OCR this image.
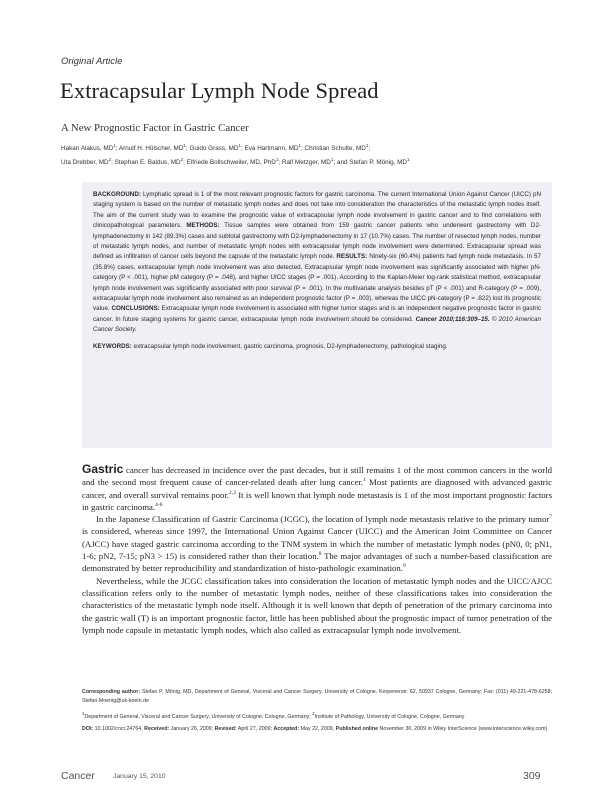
Original Article
Extracapsular Lymph Node Spread
A New Prognostic Factor in Gastric Cancer
Hakan Alakus, $MD^1$; Arnulf H. Hölscher, $MD^1$; Guido Grass, $MD^1$; Eva Hartmann, $MD^1$; Christian Schulte, $MD^1$;
Uta Drebber, $MD^2$; Stephan E. Baldus, $MD^2$; Elfriede Bollschweiler, MD, PhD$^1$; Ralf Metzger, $MD^1$; and Stefan P. Mönig, $MD^1$
BACKGROUND: Lymphatic spread is 1 of the most relevant prognostic factors for gastric carcinoma. The current International Union Against Cancer (UICC) pN staging system is based on the number of metastatic lymph nodes and does not take into consideration the characteristics of the metastatic lymph nodes itself. The aim of the current study was to examine the prognostic value of extracapsular lymph node involvement in gastric cancer and to find correlations with clinicopathological parameters. METHODS: Tissue samples were obtained from 159 gastric cancer patients who underwent gastrectomy with D2-lymphadenectomy in 142 (89.3%) cases and subtotal gastrectomy with D2-lymphadenectomy in 17 (10.7%) cases. The number of resected lymph nodes, number of metastatic lymph nodes, and number of metastatic lymph nodes with extracapsular lymph node involvement were determined. Extracapsular spread was defined as infiltration of cancer cells beyond the capsule of the metastatic lymph node. RESULTS: Ninety-six (60.4%) patients had lymph node metastasis. In 57 (35.8%) cases, extracapsular lymph node involvement was also detected. Extracapsular lymph node involvement was significantly associated with higher pN-category (P < .001), higher pM category (P = .048), and higher UICC stages (P = .001). According to the Kaplan-Meier log-rank statistical method, extracapsular lymph node involvement was significantly associated with poor survival (P = .001). In the multivariate analysis besides pT (P < .001) and R-category (P = .009), extracapsular lymph node involvement also remained as an independent prognostic factor (P = .003), whereas the UICC pN-category (P = .822) lost its prognostic value. CONCLUSIONS: Extracapsular lymph node involvement is associated with higher tumor stages and is an independent negative prognostic factor in gastric cancer. In future staging systems for gastric cancer, extracapsular lymph node involvement should be considered. Cancer 2010;116:309–15. © 2010 American Cancer Society.
KEYWORDS: extracapsular lymph node involvement, gastric carcinoma, prognosis, D2-lymphadenectomy, pathological staging.

Gastric cancer has decreased in incidence over the past decades, but it still remains 1 of the most common cancers in the world and the second most frequent cause of cancer-related death after lung cancer.$^1$ Most patients are diagnosed with advanced gastric cancer, and overall survival remains poor.$^{2,3}$ It is well known that lymph node metastasis is 1 of the most important prognostic factors in gastric carcinoma.$^{4-6}$

In the Japanese Classification of Gastric Carcinoma (JCGC), the location of lymph node metastasis relative to the primary tumor$^7$ is considered, whereas since 1997, the International Union Against Cancer (UICC) and the American Joint Committee on Cancer (AJCC) have staged gastric carcinoma according to the TNM system in which the number of metastatic lymph nodes (pN0, 0; pN1, 1-6; pN2, 7-15; pN3 > 15) is considered rather than their location.$^8$ The major advantages of such a number-based classification are demonstrated by better reproducibility and standardization of histo-pathologic examination.$^9$

Nevertheless, while the JCGC classification takes into consideration the location of metastatic lymph nodes and the UICC/AJCC classification refers only to the number of metastatic lymph nodes, neither of these classifications takes into consideration the characteristics of the metastatic lymph node itself. Although it is well known that depth of penetration of the primary carcinoma into the gastric wall (T) is an important prognostic factor, little has been published about the prognostic impact of tumor penetration of the lymph node capsule in metastatic lymph nodes, which also called as extracapsular lymph node involvement.

Corresponding author: Stefan P. Mönig, MD, Department of General, Visceral and Cancer Surgery, University of Cologne, Kerpenerstr. 62, 50937 Cologne, Germany; Fax: (011) 49-221-478-6258; Stefan.Moenig@uk-koeln.de

$^1$Department of General, Visceral and Cancer Surgery, University of Cologne, Cologne, Germany; $^2$Institute of Pathology, University of Cologne, Cologne, Germany

DOI: 10.1002/cncr.24764, Received: January 26, 2009; Revised: April 27, 2009; Accepted: May 22, 2009, Published online November 30, 2009 in Wiley InterScience (www.interscience.wiley.com)

Cancer	January 15, 2010	309
